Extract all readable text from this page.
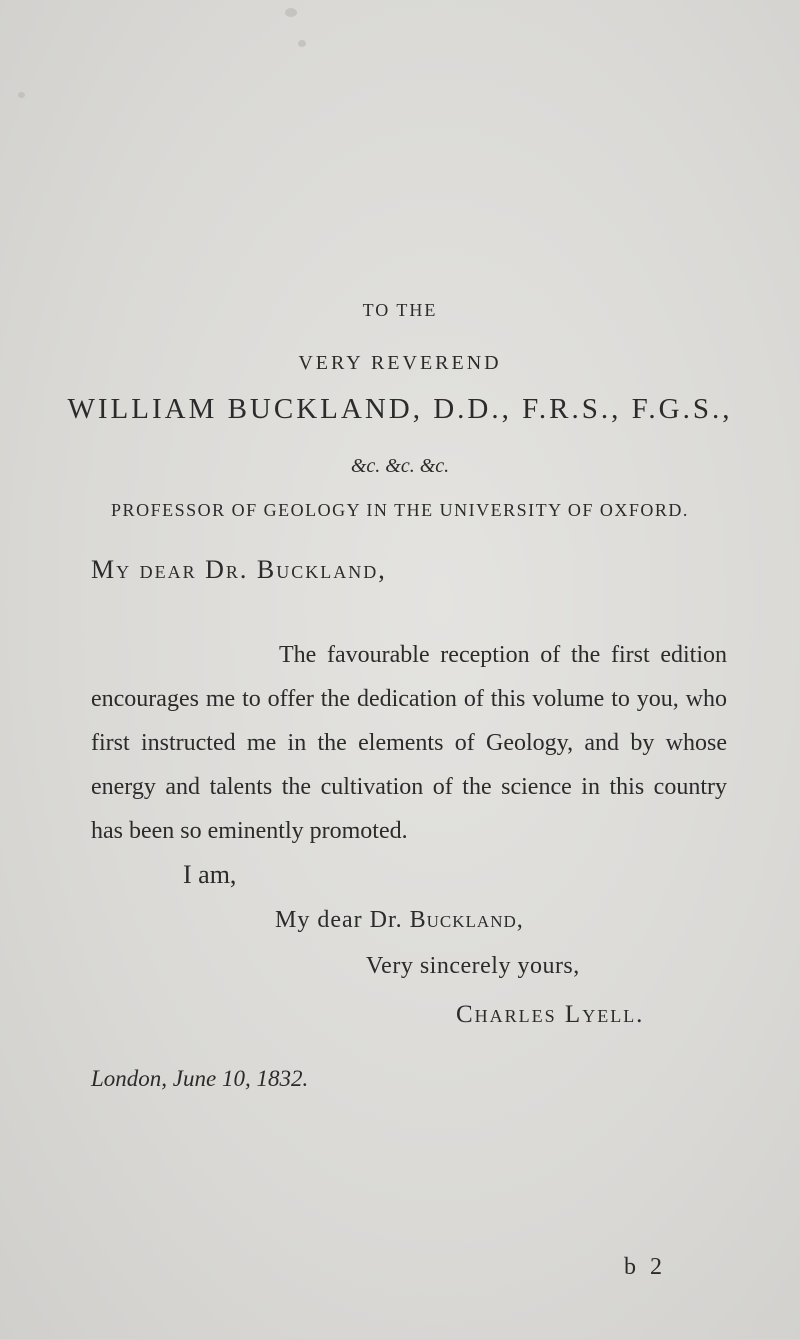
TO THE
VERY REVEREND
WILLIAM BUCKLAND, D.D., F.R.S., F.G.S.,
&c. &c. &c.
PROFESSOR OF GEOLOGY IN THE UNIVERSITY OF OXFORD.
My dear Dr. Buckland,
The favourable reception of the first edition encourages me to offer the dedication of this volume to you, who first instructed me in the elements of Geology, and by whose energy and talents the cultivation of the science in this country has been so eminently promoted.
I am,
My dear Dr. Buckland,
Very sincerely yours,
Charles Lyell.
London, June 10, 1832.
b 2
